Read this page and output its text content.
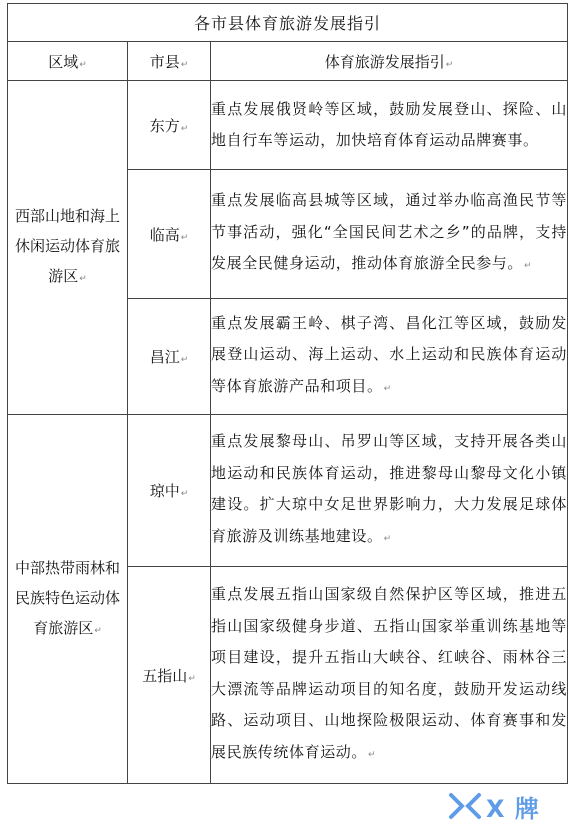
各市县体育旅游发展指引		
区域↵	市县↵	体育旅游发展指引↵
西部山地和海上休闲运动体育旅游区↵	东方↵	重点发展俄贤岭等区域，鼓励发展登山、探险、山地自行车等运动，加快培育体育运动品牌赛事。
	临高↵	重点发展临高县城等区域，通过举办临高渔民节等节事活动，强化“全国民间艺术之乡”的品牌，支持发展全民健身运动，推动体育旅游全民参与。↵
	昌江↵	重点发展霸王岭、棋子湾、昌化江等区域，鼓励发展登山运动、海上运动、水上运动和民族体育运动等体育旅游产品和项目。↵
中部热带雨林和民族特色运动体育旅游区↵	琼中↵	重点发展黎母山、吊罗山等区域，支持开展各类山地运动和民族体育运动，推进黎母山黎母文化小镇建设。扩大琼中女足世界影响力，大力发展足球体育旅游及训练基地建设。↵
	五指山↵	重点发展五指山国家级自然保护区等区域，推进五指山国家级健身步道、五指山国家举重训练基地等项目建设，提升五指山大峡谷、红峡谷、雨林谷三大漂流等品牌运动项目的知名度，鼓励开发运动线路、运动项目、山地探险极限运动、体育赛事和发展民族传统体育运动。↵
X 牌
